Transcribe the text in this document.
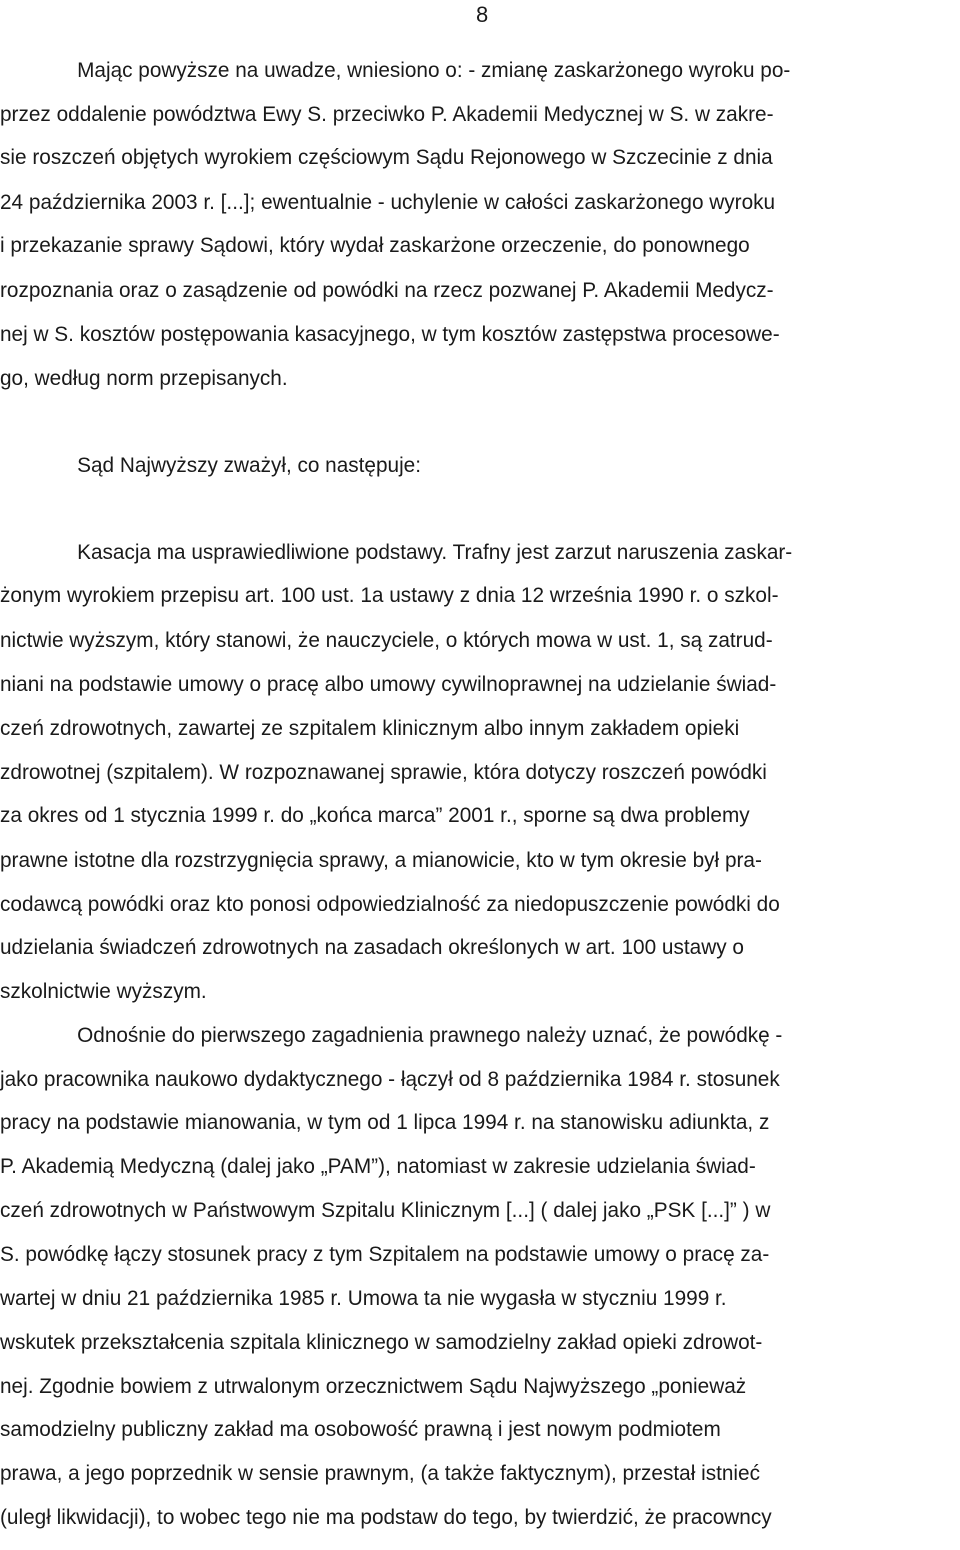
8
Mając powyższe na uwadze, wniesiono o: - zmianę zaskarżonego wyroku po-
przez oddalenie powództwa Ewy S. przeciwko P. Akademii Medycznej w S. w zakre-
sie roszczeń objętych wyrokiem częściowym Sądu Rejonowego w Szczecinie z dnia
24 października 2003 r. [...]; ewentualnie - uchylenie w całości zaskarżonego wyroku
i przekazanie sprawy Sądowi, który wydał zaskarżone orzeczenie, do ponownego
rozpoznania oraz o zasądzenie od powódki na rzecz pozwanej P. Akademii Medycz-
nej w S. kosztów postępowania kasacyjnego, w tym kosztów zastępstwa procesowe-
go, według norm przepisanych.
Sąd Najwyższy zważył, co następuje:
Kasacja ma usprawiedliwione podstawy. Trafny jest zarzut naruszenia zaskar-
żonym wyrokiem przepisu art. 100 ust. 1a ustawy z dnia 12 września 1990 r. o szkol-
nictwie wyższym, który stanowi, że nauczyciele, o których mowa w ust. 1, są zatrud-
niani na podstawie umowy o pracę albo umowy cywilnoprawnej na udzielanie świad-
czeń zdrowotnych, zawartej ze szpitalem klinicznym albo innym zakładem opieki
zdrowotnej (szpitalem). W rozpoznawanej sprawie, która dotyczy roszczeń powódki
za okres od 1 stycznia 1999 r. do „końca marca” 2001 r., sporne są dwa problemy
prawne istotne dla rozstrzygnięcia sprawy, a mianowicie, kto w tym okresie był pra-
codawcą powódki oraz kto ponosi odpowiedzialność za niedopuszczenie powódki do
udzielania świadczeń zdrowotnych na zasadach określonych w art. 100 ustawy o
szkolnictwie wyższym.
Odnośnie do pierwszego zagadnienia prawnego należy uznać, że powódkę -
jako pracownika naukowo dydaktycznego - łączył od 8 października 1984 r. stosunek
pracy na podstawie mianowania, w tym od 1 lipca 1994 r. na stanowisku adiunkta, z
P. Akademią Medyczną (dalej jako „PAM”), natomiast w zakresie udzielania świad-
czeń zdrowotnych w Państwowym Szpitalu Klinicznym [...] ( dalej jako „PSK [...]” ) w
S. powódkę łączy stosunek pracy z tym Szpitalem na podstawie umowy o pracę za-
wartej w dniu 21 października 1985 r. Umowa ta nie wygasła w styczniu 1999 r.
wskutek przekształcenia szpitala klinicznego w samodzielny zakład opieki zdrowot-
nej. Zgodnie bowiem z utrwalonym orzecznictwem Sądu Najwyższego „ponieważ
samodzielny publiczny zakład ma osobowość prawną i jest nowym podmiotem
prawa, a jego poprzednik w sensie prawnym, (a także faktycznym), przestał istnieć
(uległ likwidacji), to wobec tego nie ma podstaw do tego, by twierdzić, że pracowncy
